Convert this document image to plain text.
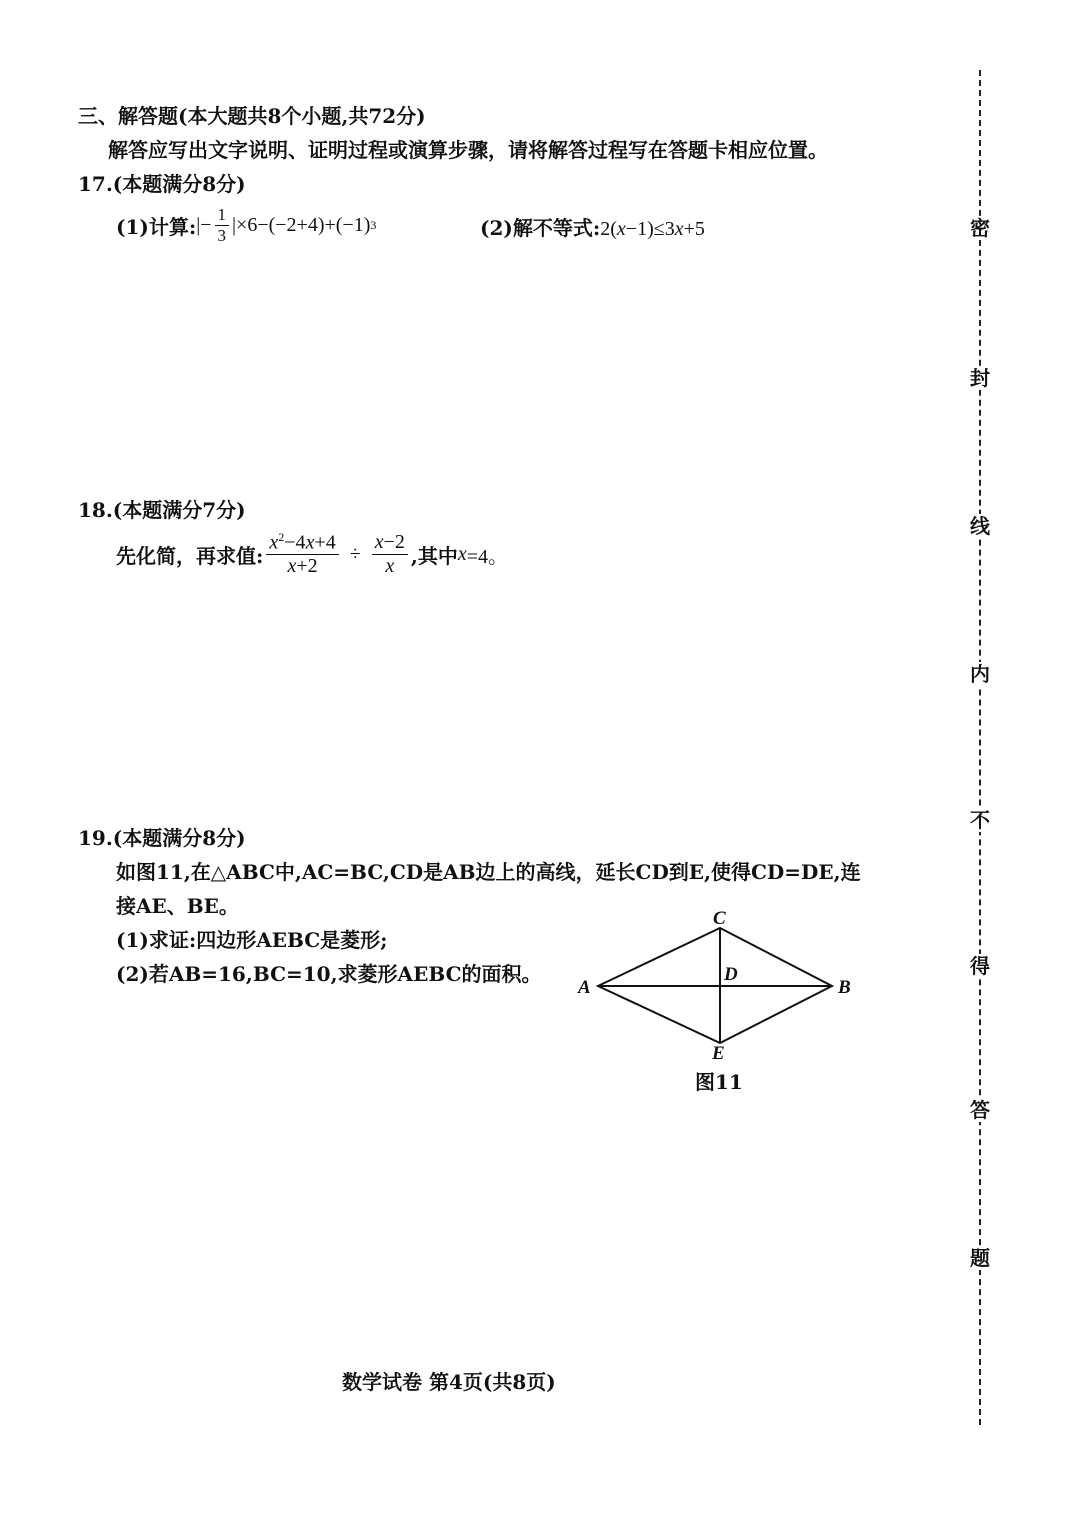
三、解答题(本大题共8个小题,共72分)
解答应写出文字说明、证明过程或演算步骤，请将解答过程写在答题卡相应位置。
17.(本题满分8分)
(1)计算: |− $\frac{1}{3} |\times 6-(-2+4)+(-1)$ 3	(2)解不等式:2(x−1)≤3x+5
18.(本题满分7分)
先化简，再求值: $\frac{x^2-4x+4}{x+2} \div \frac{x-2}{x}$ ,其中 x =4。
19.(本题满分8分)
如图11,在△ABC中,AC=BC,CD是AB边上的高线，延长CD到E,使得CD=DE,连
接AE、BE。
(1)求证:四边形AEBC是菱形;
(2)若AB=16,BC=10,求菱形AEBC的面积。
A	B
C
D
E
图11
数学试卷 第4页(共8页)
密
封
线
内
不
得
答
题
